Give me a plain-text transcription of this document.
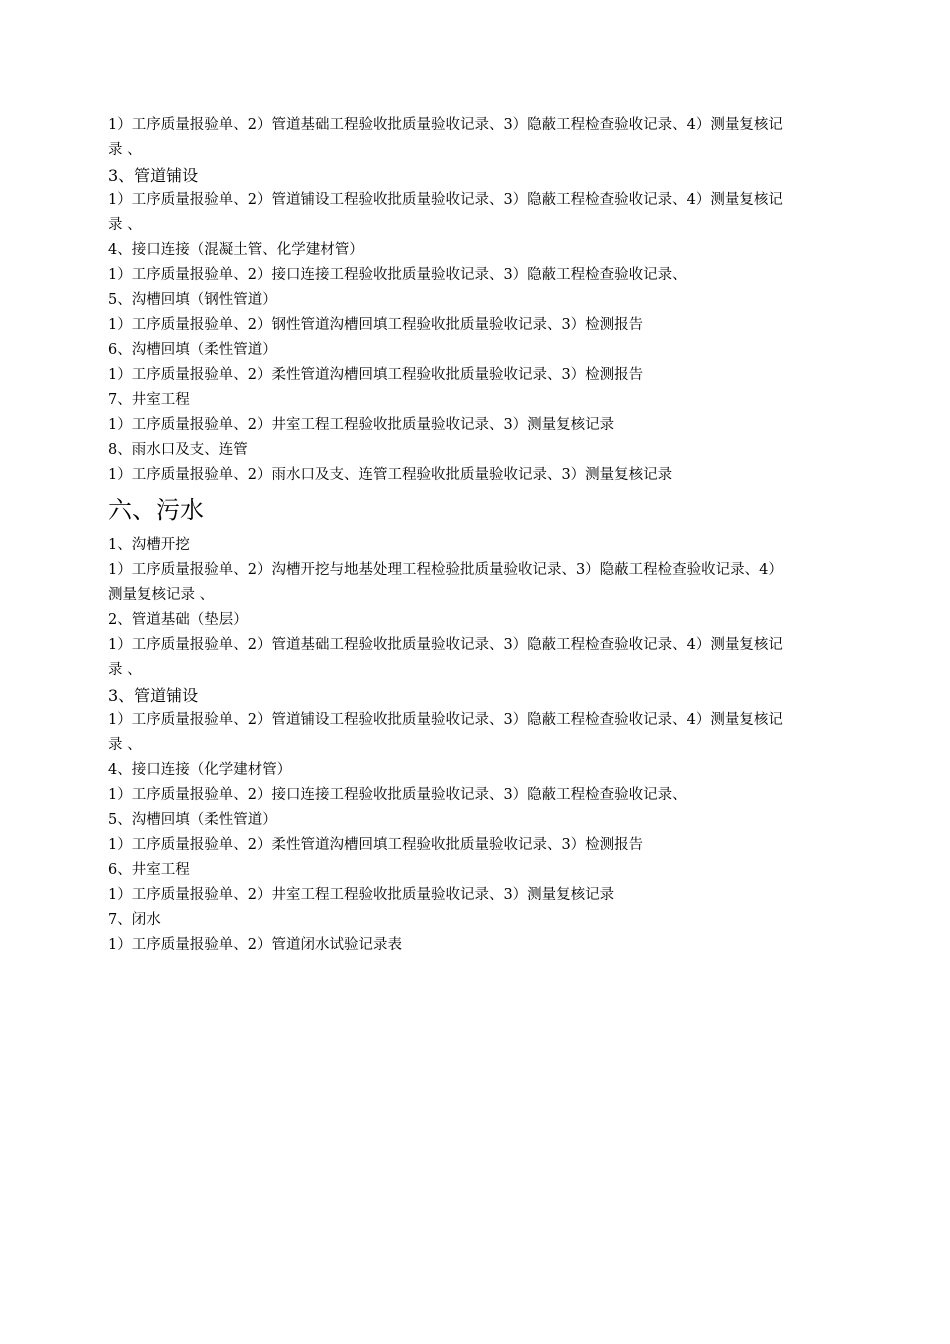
1）工序质量报验单、2）管道基础工程验收批质量验收记录、3）隐蔽工程检查验收记录、4）测量复核记
录 、
3、管道铺设
1）工序质量报验单、2）管道铺设工程验收批质量验收记录、3）隐蔽工程检查验收记录、4）测量复核记
录 、
4、接口连接（混凝土管、化学建材管）
1）工序质量报验单、2）接口连接工程验收批质量验收记录、3）隐蔽工程检查验收记录、
5、沟槽回填（钢性管道）
1）工序质量报验单、2）钢性管道沟槽回填工程验收批质量验收记录、3）检测报告
6、沟槽回填（柔性管道）
1）工序质量报验单、2）柔性管道沟槽回填工程验收批质量验收记录、3）检测报告
7、井室工程
1）工序质量报验单、2）井室工程工程验收批质量验收记录、3）测量复核记录
8、雨水口及支、连管
1）工序质量报验单、2）雨水口及支、连管工程验收批质量验收记录、3）测量复核记录
六、污水
1、沟槽开挖
1）工序质量报验单、2）沟槽开挖与地基处理工程检验批质量验收记录、3）隐蔽工程检查验收记录、4）
测量复核记录 、
2、管道基础（垫层）
1）工序质量报验单、2）管道基础工程验收批质量验收记录、3）隐蔽工程检查验收记录、4）测量复核记
录 、
3、管道铺设
1）工序质量报验单、2）管道铺设工程验收批质量验收记录、3）隐蔽工程检查验收记录、4）测量复核记
录 、
4、接口连接（化学建材管）
1）工序质量报验单、2）接口连接工程验收批质量验收记录、3）隐蔽工程检查验收记录、
5、沟槽回填（柔性管道）
1）工序质量报验单、2）柔性管道沟槽回填工程验收批质量验收记录、3）检测报告
6、井室工程
1）工序质量报验单、2）井室工程工程验收批质量验收记录、3）测量复核记录
7、闭水
1）工序质量报验单、2）管道闭水试验记录表
